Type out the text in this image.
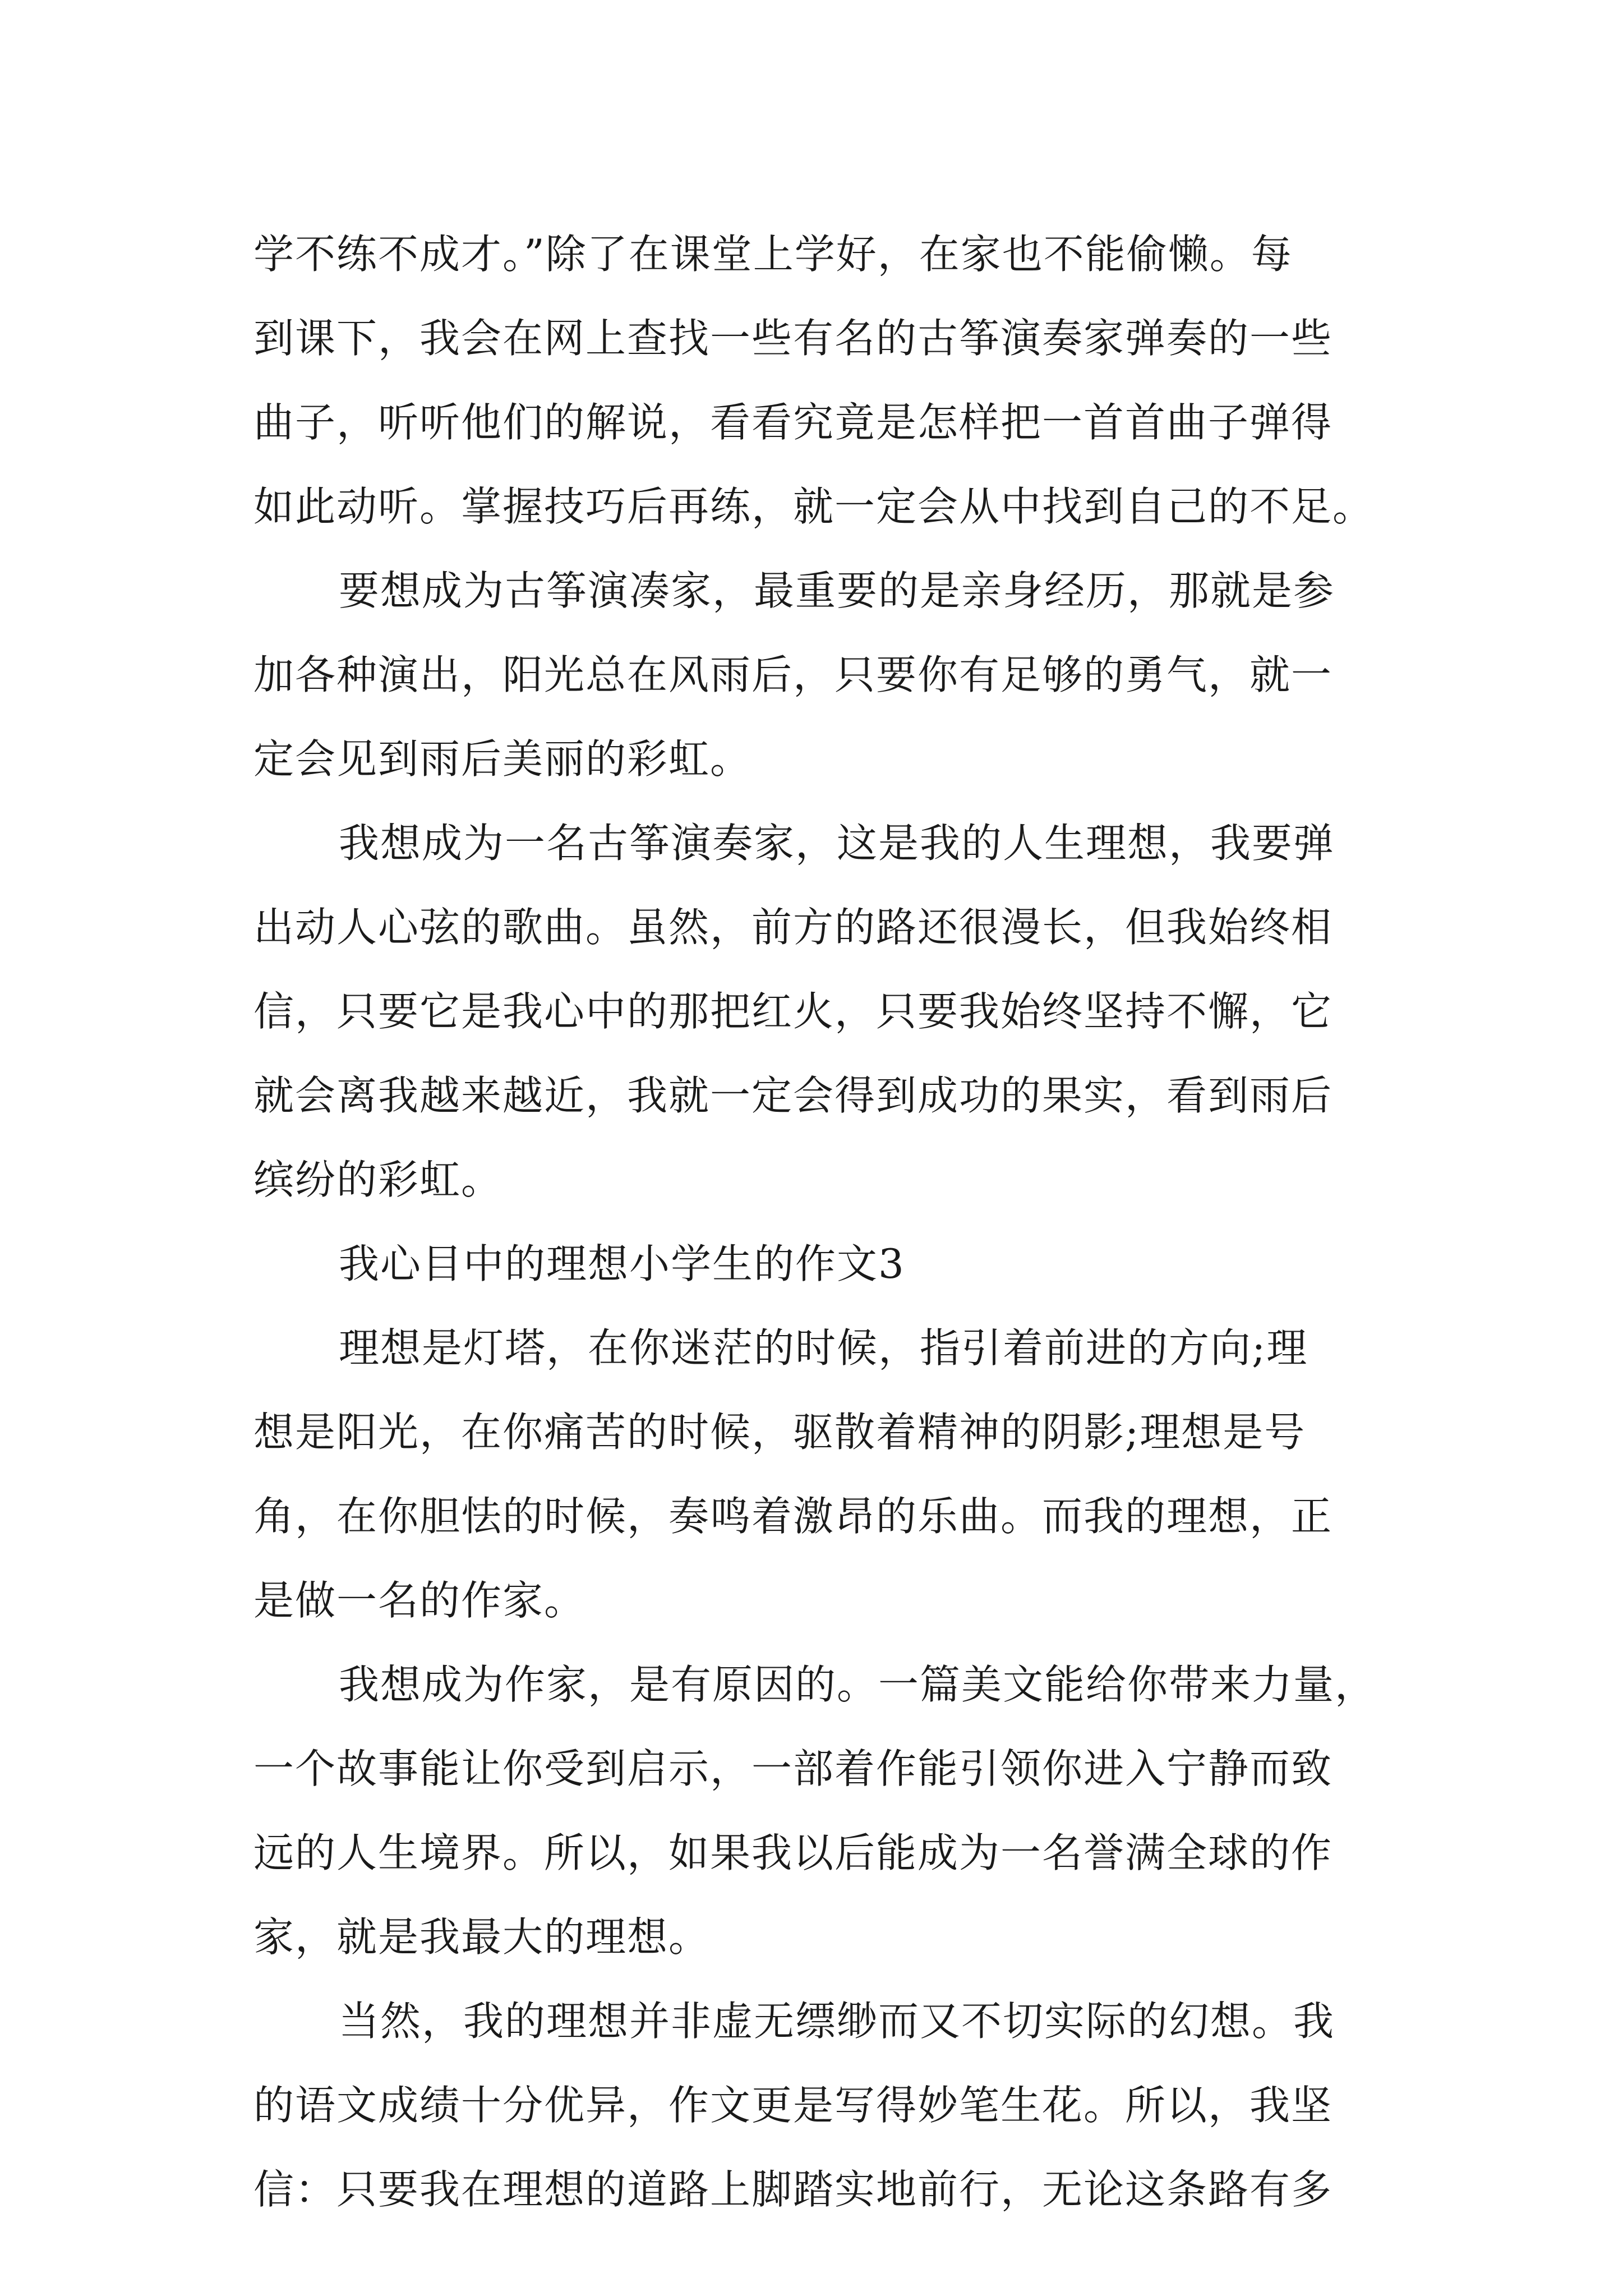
学不练不成才。”除了在课堂上学好，在家也不能偷懒。每
到课下，我会在网上查找一些有名的古筝演奏家弹奏的一些
曲子，听听他们的解说，看看究竟是怎样把一首首曲子弹得
如此动听。掌握技巧后再练，就一定会从中找到自己的不足。
要想成为古筝演凑家，最重要的是亲身经历，那就是参
加各种演出，阳光总在风雨后，只要你有足够的勇气，就一
定会见到雨后美丽的彩虹。
我想成为一名古筝演奏家，这是我的人生理想，我要弹
出动人心弦的歌曲。虽然，前方的路还很漫长，但我始终相
信，只要它是我心中的那把红火，只要我始终坚持不懈，它
就会离我越来越近，我就一定会得到成功的果实，看到雨后
缤纷的彩虹。
我心目中的理想小学生的作文3
理想是灯塔，在你迷茫的时候，指引着前进的方向;理
想是阳光，在你痛苦的时候，驱散着精神的阴影;理想是号
角，在你胆怯的时候，奏鸣着激昂的乐曲。而我的理想，正
是做一名的作家。
我想成为作家，是有原因的。一篇美文能给你带来力量，
一个故事能让你受到启示，一部着作能引领你进入宁静而致
远的人生境界。所以，如果我以后能成为一名誉满全球的作
家，就是我最大的理想。
当然，我的理想并非虚无缥缈而又不切实际的幻想。我
的语文成绩十分优异，作文更是写得妙笔生花。所以，我坚
信：只要我在理想的道路上脚踏实地前行，无论这条路有多
